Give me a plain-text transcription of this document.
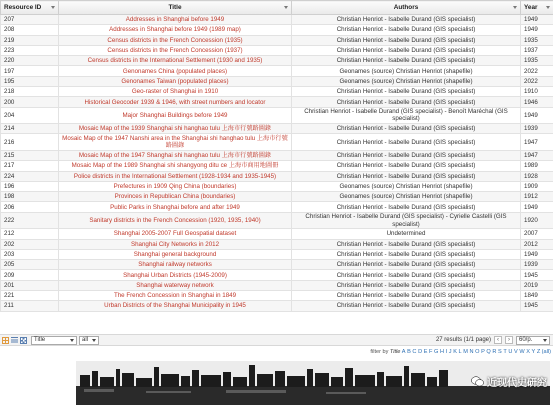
Resource ID	Title	Authors	Year

207	Addresses in Shanghai before 1949	Christian Henriot - Isabelle Durand (GIS specialist)	1949
208	Addresses in Shanghai before 1949 (1989 map)	Christian Henriot - Isabelle Durand (GIS specialist)	1949
219	Census districts in the French Concession (1935)	Christian Henriot - Isabelle Durand (GIS specialist)	1935
223	Census districts in the French Concession (1937)	Christian Henriot - Isabelle Durand (GIS specialist)	1937
220	Census districts in the International Settlement (1930 and 1935)	Christian Henriot - Isabelle Durand (GIS specialist)	1935
197	Genonames China (populated places)	Geonames (source) Christian Henriot (shapefile)	2022
195	Genonames Taiwan (populated places)	Geonames (source) Christian Henriot (shapefile)	2022
218	Geo-raster of Shanghai in 1910	Christian Henriot - Isabelle Durand (GIS specialist)	1910
200	Historical Geocoder 1939 & 1946, with street numbers and locator	Christian Henriot - Isabelle Durand (GIS specialist)	1946
204	Major Shanghai Buildings before 1949	Christian Henriot - Isabelle Durand (GIS specialist) - Benoît Maréchal (GIS specialist)	1949
214	Mosaic Map of the 1939 Shanghai shi hanghao tulu 上海市行號路圖錄	Christian Henriot - Isabelle Durand (GIS specialist)	1939
216	Mosaic Map of the 1947 Nanshi area in the Shanghai shi hanghao tulu 上海市行號路圖錄	Christian Henriot - Isabelle Durand (GIS specialist)	1947
215	Mosaic Map of the 1947 Shanghai shi hanghao tulu 上海市行號路圖錄	Christian Henriot - Isabelle Durand (GIS specialist)	1947
217	Mosaic Map of the 1989 Shanghai shi shangyong ditu ce 上海市商用地圖冊	Christian Henriot - Isabelle Durand (GIS specialist)	1989
224	Police districts in the International Settlement (1928-1934 and 1935-1945)	Christian Henriot - Isabelle Durand (GIS specialist)	1928
196	Prefectures in 1909 Qing China (boundaries)	Geonames (source) Christian Henriot (shapefile)	1909
198	Provinces in Republican China (boundaries)	Geonames (source) Christian Henriot (shapefile)	1912
206	Public Parks in Shanghai before and after 1949	Christian Henriot - Isabelle Durand (GIS specialist)	1949
222	Sanitary districts in the French Concession (1920, 1935, 1940)	Christian Henriot - Isabelle Durand (GIS specialist) - Cyrielle Castelli (GIS specialist)	1920
212	Shanghai 2005-2007 Full Geospatial dataset	Undetermined	2007
202	Shanghai City Networks in 2012	Christian Henriot - Isabelle Durand (GIS specialist)	2012
203	Shanghai general background	Christian Henriot - Isabelle Durand (GIS specialist)	1949
205	Shanghai railway networks	Christian Henriot - Isabelle Durand (GIS specialist)	1939
209	Shanghai Urban Districts (1945-2009)	Christian Henriot - Isabelle Durand (GIS specialist)	1945
201	Shanghai waterway network	Christian Henriot - Isabelle Durand (GIS specialist)	2019
221	The French Concession in Shanghai in 1849	Christian Henriot - Isabelle Durand (GIS specialist)	1849
211	Urban Districts of the Shanghai Municipality in 1945	Christian Henriot - Isabelle Durand (GIS specialist)	1945
Title	all	27 results (1/1 page)	‹	›	60/p.
filter by Title A B C D E F G H I J K L M N O P Q R S T U V W X Y Z (all)
近现代史研究
